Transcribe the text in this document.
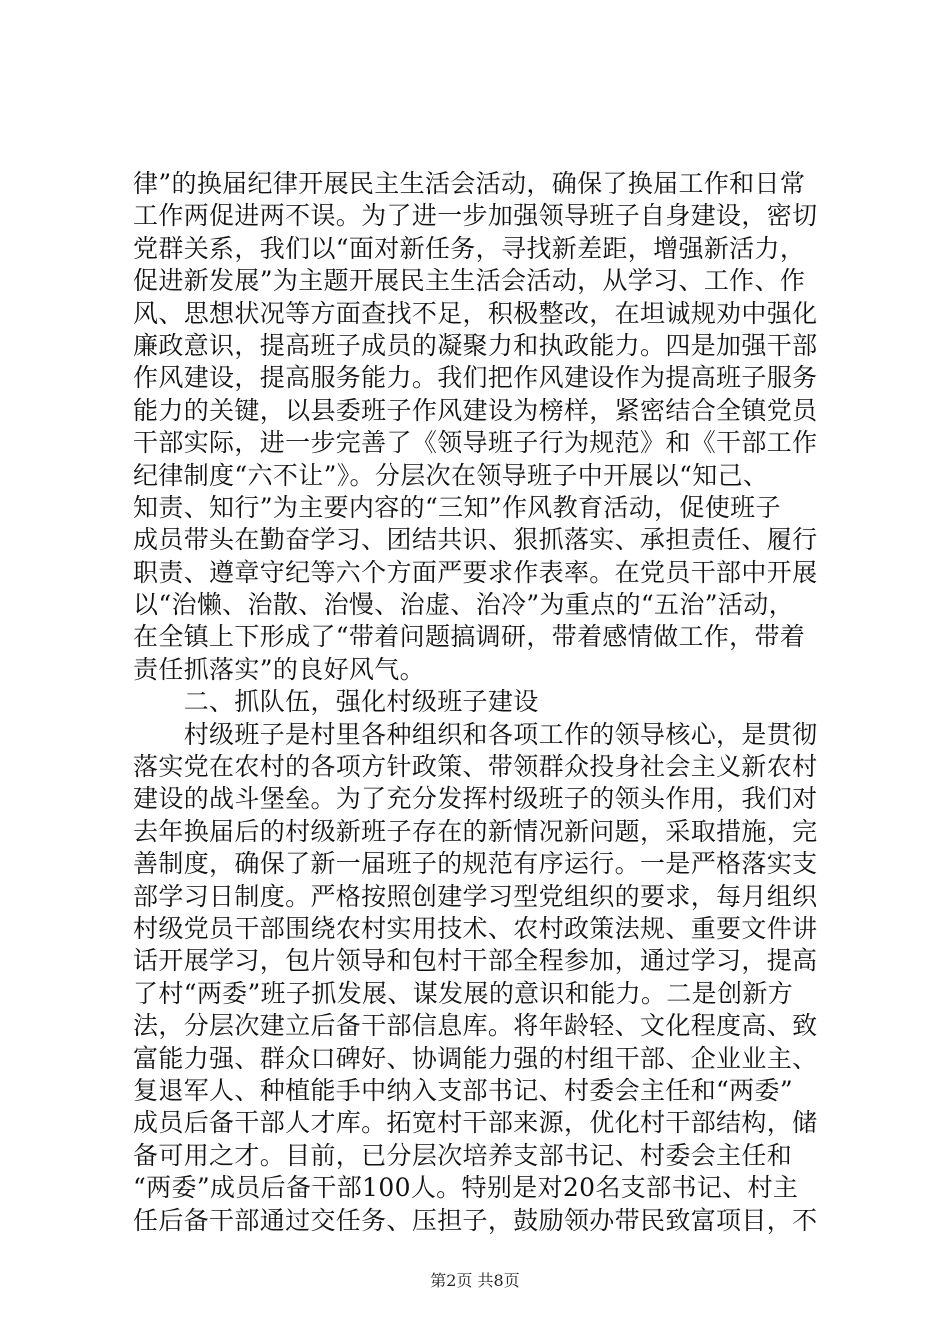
律”的换届纪律开展民主生活会活动，确保了换届工作和日常
工作两促进两不误。为了进一步加强领导班子自身建设，密切
党群关系，我们以“面对新任务，寻找新差距，增强新活力，
促进新发展”为主题开展民主生活会活动，从学习、工作、作
风、思想状况等方面查找不足，积极整改，在坦诚规劝中强化
廉政意识，提高班子成员的凝聚力和执政能力。四是加强干部
作风建设，提高服务能力。我们把作风建设作为提高班子服务
能力的关键，以县委班子作风建设为榜样，紧密结合全镇党员
干部实际，进一步完善了《领导班子行为规范》和《干部工作
纪律制度“六不让”》。分层次在领导班子中开展以“知己、
知责、知行”为主要内容的“三知”作风教育活动，促使班子
成员带头在勤奋学习、团结共识、狠抓落实、承担责任、履行
职责、遵章守纪等六个方面严要求作表率。在党员干部中开展
以“治懒、治散、治慢、治虚、治冷”为重点的“五治”活动，
在全镇上下形成了“带着问题搞调研，带着感情做工作，带着
责任抓落实”的良好风气。
　　二、抓队伍，强化村级班子建设
　　村级班子是村里各种组织和各项工作的领导核心，是贯彻
落实党在农村的各项方针政策、带领群众投身社会主义新农村
建设的战斗堡垒。为了充分发挥村级班子的领头作用，我们对
去年换届后的村级新班子存在的新情况新问题，采取措施，完
善制度，确保了新一届班子的规范有序运行。一是严格落实支
部学习日制度。严格按照创建学习型党组织的要求，每月组织
村级党员干部围绕农村实用技术、农村政策法规、重要文件讲
话开展学习，包片领导和包村干部全程参加，通过学习，提高
了村“两委”班子抓发展、谋发展的意识和能力。二是创新方
法，分层次建立后备干部信息库。将年龄轻、文化程度高、致
富能力强、群众口碑好、协调能力强的村组干部、企业业主、
复退军人、种植能手中纳入支部书记、村委会主任和“两委”
成员后备干部人才库。拓宽村干部来源，优化村干部结构，储
备可用之才。目前，已分层次培养支部书记、村委会主任和
“两委”成员后备干部100人。特别是对20名支部书记、村主
任后备干部通过交任务、压担子，鼓励领办带民致富项目，不
第2页 共8页
